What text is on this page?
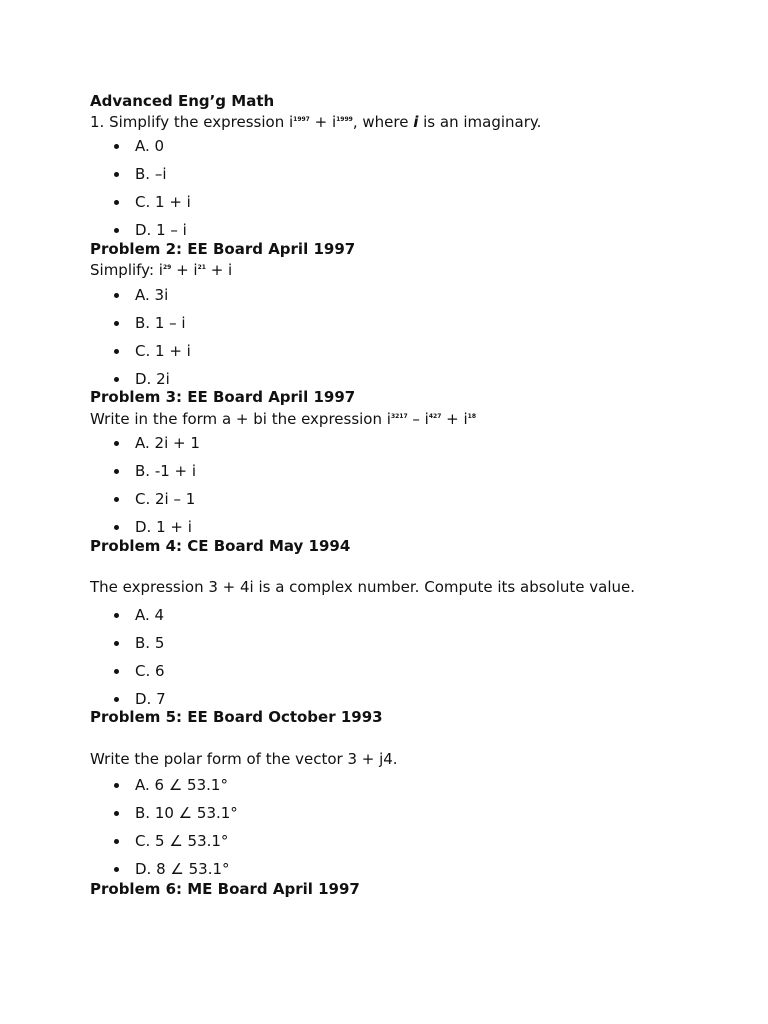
Advanced Eng’g Math
1. Simplify the expression $i^{1997} + i^{1999}$, where i is an imaginary.
A. 0
B. –i
C. 1 + i
D. 1 – i
Problem 2: EE Board April 1997
Simplify: $i^{29} + i^{21} + i$
A. 3i
B. 1 – i
C. 1 + i
D. 2i
Problem 3: EE Board April 1997
Write in the form a + bi the expression $i^{3217} - i^{427} + i^{18}$
A. 2i + 1
B. -1 + i
C. 2i – 1
D. 1 + i
Problem 4: CE Board May 1994
The expression 3 + 4i is a complex number. Compute its absolute value.
A. 4
B. 5
C. 6
D. 7
Problem 5: EE Board October 1993
Write the polar form of the vector 3 + j4.
A. 6 ∠ 53.1°
B. 10 ∠ 53.1°
C. 5 ∠ 53.1°
D. 8 ∠ 53.1°
Problem 6: ME Board April 1997
